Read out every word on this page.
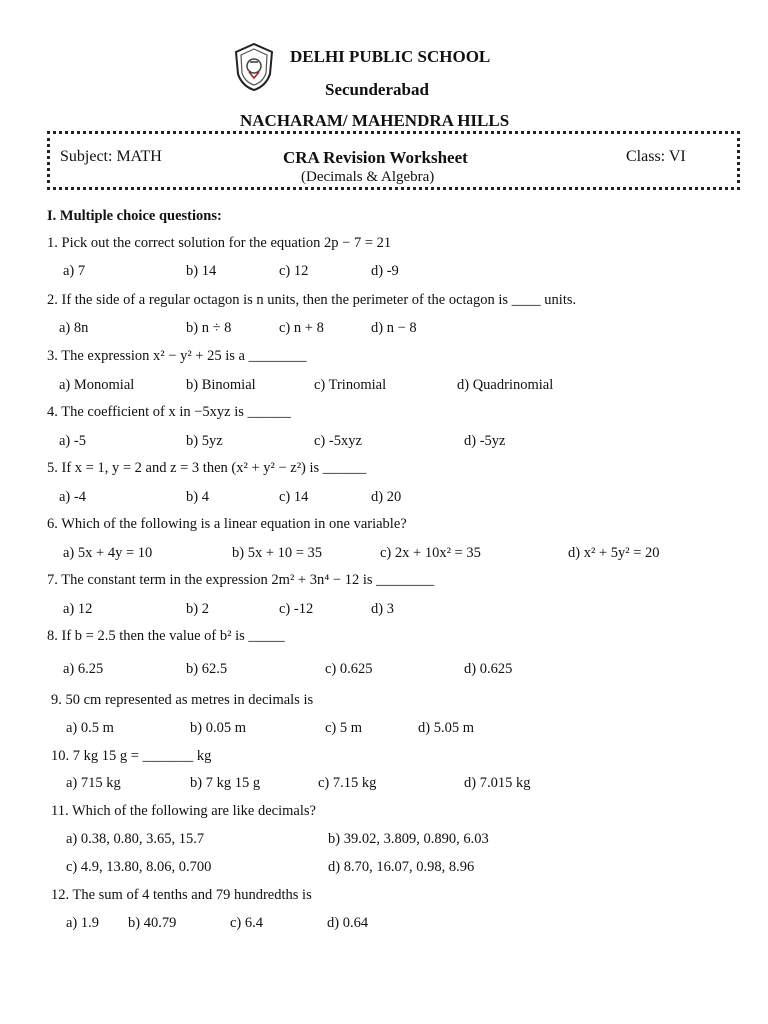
DELHI PUBLIC SCHOOL
Secunderabad
NACHARAM/ MAHENDRA HILLS
Subject: MATH	CRA Revision Worksheet	Class: VI
(Decimals & Algebra)
I. Multiple choice questions:
1. Pick out the correct solution for the equation 2p − 7 = 21
a) 7	b) 14	c) 12	d) -9
2. If the side of a regular octagon is n units, then the perimeter of the octagon is ____ units.
a) 8n	b) n ÷ 8	c) n + 8	d) n − 8
3. The expression x² − y² + 25 is a ________
a) Monomial	b) Binomial	c) Trinomial	d) Quadrinomial
4. The coefficient of x in −5xyz is ______
a) -5	b) 5yz	c) -5xyz	d) -5yz
5. If x = 1, y = 2 and z = 3 then (x² + y² − z²) is ______
a) -4	b) 4	c) 14	d) 20
6. Which of the following is a linear equation in one variable?
a) 5x + 4y = 10	b) 5x + 10 = 35	c) 2x + 10x² = 35	d) x² + 5y² = 20
7. The constant term in the expression 2m² + 3n⁴ − 12 is ________
a) 12	b) 2	c) -12	d) 3
8. If b = 2.5 then the value of b² is _____
a) 6.25	b) 62.5	c) 0.625	d) 0.625
9. 50 cm represented as metres in decimals is
a) 0.5 m	b) 0.05 m	c) 5 m	d) 5.05 m
10. 7 kg 15 g = _______ kg
a) 715 kg	b) 7 kg 15 g	c) 7.15 kg	d) 7.015 kg
11. Which of the following are like decimals?
a) 0.38, 0.80, 3.65, 15.7	b) 39.02, 3.809, 0.890, 6.03
c) 4.9, 13.80, 8.06, 0.700	d) 8.70, 16.07, 0.98, 8.96
12. The sum of 4 tenths and 79 hundredths is
a) 1.9 b) 40.79	c) 6.4	d) 0.64
